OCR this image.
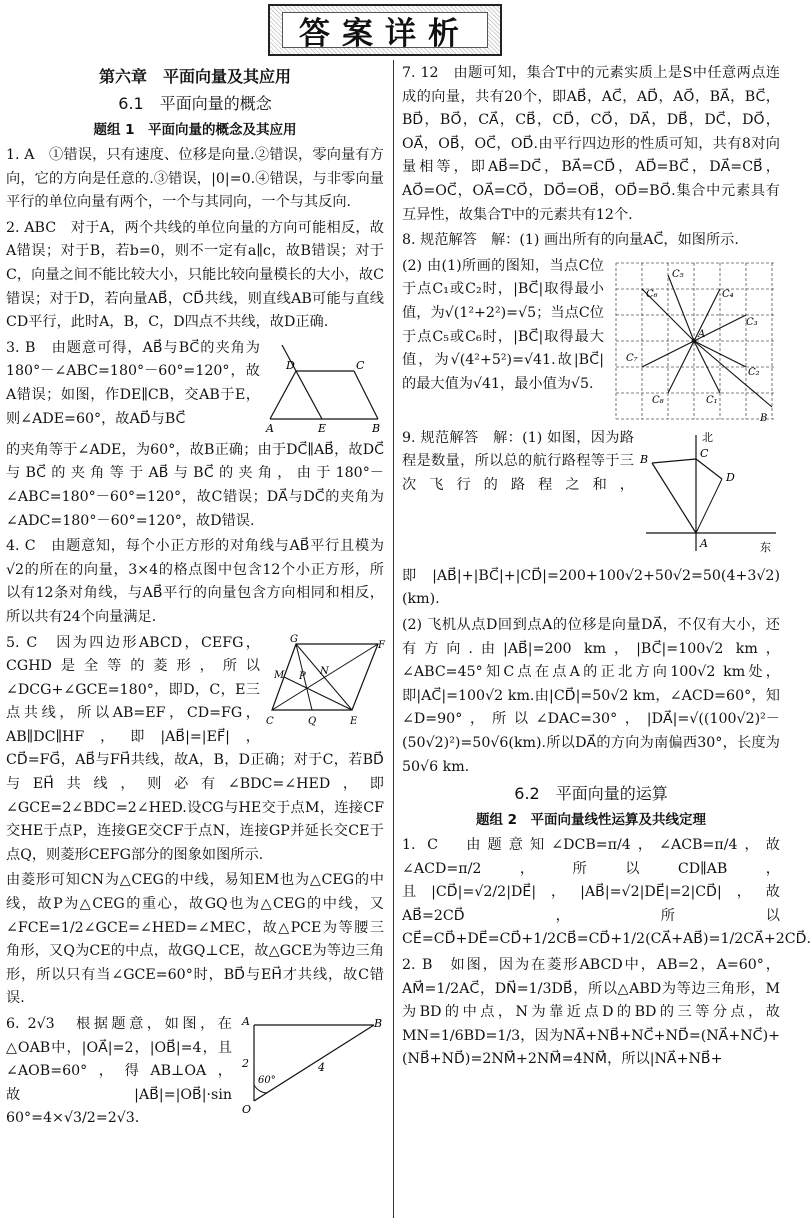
答案详析
第六章　平面向量及其应用
6.1　平面向量的概念
题组 1　平面向量的概念及其应用

1. A　①错误，只有速度、位移是向量.②错误，零向量有方向，它的方向是任意的.③错误，|0|=0.④错误，与非零向量平行的单位向量有两个，一个与其同向，一个与其反向.

2. ABC　对于A，两个共线的单位向量的方向可能相反，故A错误；对于B，若b=0，则不一定有a∥c，故B错误；对于C，向量之间不能比较大小，只能比较向量模长的大小，故C错误；对于D，若向量AB⃗，CD⃗共线，则直线AB可能与直线CD平行，此时A，B，C，D四点不共线，故D正确.

D	C
A	E	B

3. B　由题意可得，AB⃗与BC⃗的夹角为180°－∠ABC=180°－60°=120°，故A错误；如图，作DE∥CB，交AB于E，则∠ADE=60°，故AD⃗与BC⃗

的夹角等于∠ADE，为60°，故B正确；由于DC⃗∥AB⃗，故DC⃗与BC⃗的夹角等于AB⃗与BC⃗的夹角，由于180°－∠ABC=180°－60°=120°，故C错误；DA⃗与DC⃗的夹角为∠ADC=180°－60°=120°，故D错误.

4. C　由题意知，每个小正方形的对角线与AB⃗平行且模为√2的所在的向量，3×4的格点图中包含12个小正方形，所以有12条对角线，与AB⃗平行的向量包含方向相同和相反，所以共有24个向量满足.

G
F
M P N
C	Q	E

5. C　因为四边形ABCD，CEFG，CGHD是全等的菱形，所以∠DCG+∠GCE=180°，即D，C，E三点共线，所以AB=EF，CD=FG，AB∥DC∥HF，即|AB⃗|=|EF⃗|，CD⃗=FG⃗，AB⃗与FH⃗共线，故A，B，D正确；对于C，若BD⃗与EH⃗共线，则必有∠BDC=∠HED，即∠GCE=2∠BDC=2∠HED.设CG与HE交于点M，连接CF交HE于点P，连接GE交CF于点N，连接GP并延长交CE于点Q，则菱形CEFG部分的图象如图所示.

由菱形可知CN为△CEG的中线，易知EM也为△CEG的中线，故P为△CEG的重心，故GQ也为△CEG的中线，又∠FCE=1/2∠GCE=∠HED=∠MEC，故△PCE为等腰三角形，又Q为CE的中点，故GQ⊥CE，故△GCE为等边三角形，所以只有当∠GCE=60°时，BD⃗与EH⃗才共线，故C错误.

A	B
O
2	4
60°

6. 2√3　根据题意，如图，在△OAB中，|OA⃗|=2，|OB⃗|=4，且∠AOB=60°，得AB⊥OA，故|AB⃗|=|OB⃗|·sin 60°=4×√3/2=2√3.

7. 12　由题可知，集合T中的元素实质上是S中任意两点连成的向量，共有20个，即AB⃗，AC⃗，AD⃗，AO⃗，BA⃗，BC⃗，BD⃗，BO⃗，CA⃗，CB⃗，CD⃗，CO⃗，DA⃗，DB⃗，DC⃗，DO⃗，OA⃗，OB⃗，OC⃗，OD⃗.由平行四边形的性质可知，共有8对向量相等，即AB⃗=DC⃗，BA⃗=CD⃗，AD⃗=BC⃗，DA⃗=CB⃗，AO⃗=OC⃗，OA⃗=CO⃗，DO⃗=OB⃗，OD⃗=BO⃗.集合中元素具有互异性，故集合T中的元素共有12个.

8. 规范解答　解：(1) 画出所有的向量AC⃗，如图所示.

C₅
C₄
C₆
C₃
A
C₇
C₂
C₈	C₁
B

(2) 由(1)所画的图知，当点C位于点C₁或C₂时，|BC⃗|取得最小值，为√(1²+2²)=√5；当点C位于点C₅或C₆时，|BC⃗|取得最大值，为√(4²+5²)=√41.故|BC⃗|的最大值为√41，最小值为√5.

北
东
B	C
D
A

9. 规范解答　解：(1) 如图，因为路程是数量，所以总的航行路程等于三次飞行的路程之和，即|AB⃗|+|BC⃗|+|CD⃗|=200+100√2+50√2=50(4+3√2)(km).

(2) 飞机从点D回到点A的位移是向量DA⃗，不仅有大小，还有方向.由|AB⃗|=200 km，|BC⃗|=100√2 km，∠ABC=45°知C点在点A的正北方向100√2 km处，即|AC⃗|=100√2 km.由|CD⃗|=50√2 km，∠ACD=60°，知∠D=90°，所以∠DAC=30°，|DA⃗|=√((100√2)²－(50√2)²)=50√6(km).所以DA⃗的方向为南偏西30°，长度为50√6 km.

6.2　平面向量的运算
题组 2　平面向量线性运算及共线定理

1. C　由题意知∠DCB=π/4，∠ACB=π/4，故∠ACD=π/2，所以CD∥AB，且|CD⃗|=√2/2|DE⃗|，|AB⃗|=√2|DE⃗|=2|CD⃗|，故AB⃗=2CD⃗，所以CE⃗=CD⃗+DE⃗=CD⃗+1/2CB⃗=CD⃗+1/2(CA⃗+AB⃗)=1/2CA⃗+2CD⃗.

2. B　如图，因为在菱形ABCD中，AB=2，A=60°，AM⃗=1/2AC⃗，DN⃗=1/3DB⃗，所以△ABD为等边三角形，M为BD的中点，N为靠近点D的BD的三等分点，故MN=1/6BD=1/3，因为NA⃗+NB⃗+NC⃗+ND⃗=(NA⃗+NC⃗)+(NB⃗+ND⃗)=2NM⃗+2NM⃗=4NM⃗，所以|NA⃗+NB⃗+
